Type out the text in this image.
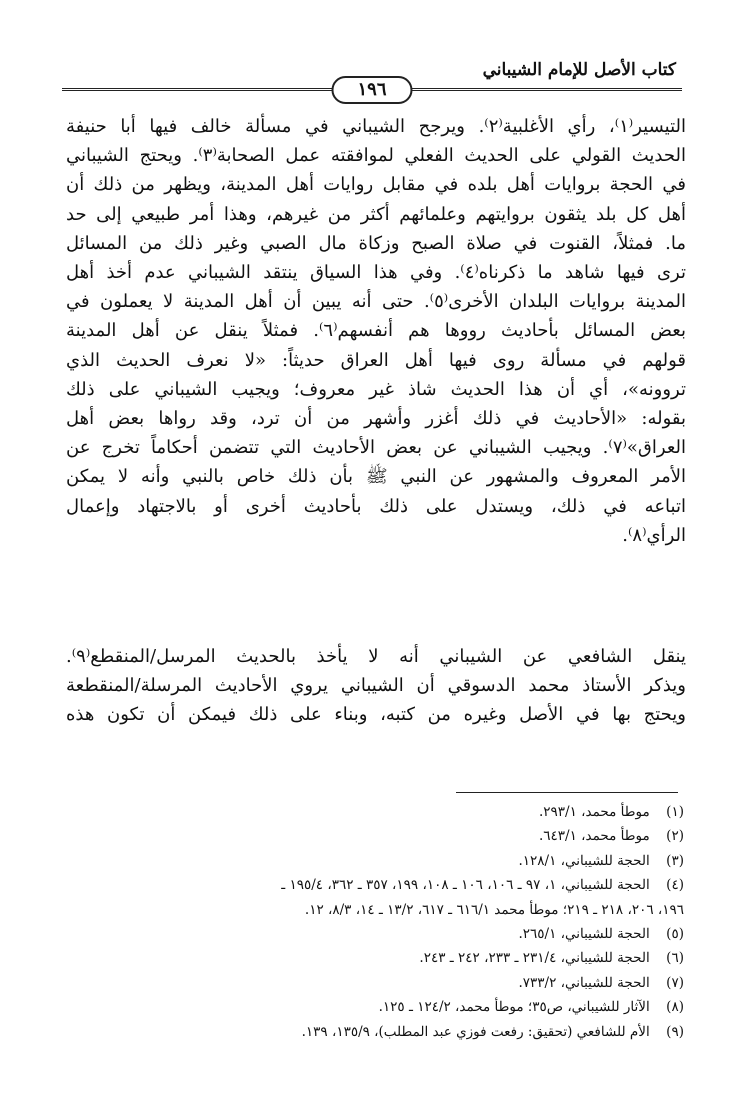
كتاب الأصل للإمام الشيباني
١٩٦

التيسير⁽١⁾، رأي الأغلبية⁽٢⁾. ويرجح الشيباني في مسألة خالف فيها أبا حنيفة

الحديث القولي على الحديث الفعلي لموافقته عمل الصحابة⁽٣⁾. ويحتج الشيباني

في الحجة بروايات أهل بلده في مقابل روايات أهل المدينة، ويظهر من ذلك أن

أهل كل بلد يثقون بروايتهم وعلمائهم أكثر من غيرهم، وهذا أمر طبيعي إلى حد

ما. فمثلاً، القنوت في صلاة الصبح وزكاة مال الصبي وغير ذلك من المسائل

ترى فيها شاهد ما ذكرناه⁽٤⁾. وفي هذا السياق ينتقد الشيباني عدم أخذ أهل

المدينة بروايات البلدان الأخرى⁽٥⁾. حتى أنه يبين أن أهل المدينة لا يعملون في

بعض المسائل بأحاديث رووها هم أنفسهم⁽٦⁾. فمثلاً ينقل عن أهل المدينة

قولهم في مسألة روى فيها أهل العراق حديثاً: «لا نعرف الحديث الذي

تروونه»، أي أن هذا الحديث شاذ غير معروف؛ ويجيب الشيباني على ذلك

بقوله: «الأحاديث في ذلك أغزر وأشهر من أن ترد، وقد رواها بعض أهل

العراق»⁽٧⁾. ويجيب الشيباني عن بعض الأحاديث التي تتضمن أحكاماً تخرج عن

الأمر المعروف والمشهور عن النبي ﷺ بأن ذلك خاص بالنبي وأنه لا يمكن

اتباعه في ذلك، ويستدل على ذلك بأحاديث أخرى أو بالاجتهاد وإعمال

الرأي⁽٨⁾.

ينقل الشافعي عن الشيباني أنه لا يأخذ بالحديث المرسل/المنقطع⁽٩⁾.

ويذكر الأستاذ محمد الدسوقي أن الشيباني يروي الأحاديث المرسلة/المنقطعة

ويحتج بها في الأصل وغيره من كتبه، وبناء على ذلك فيمكن أن تكون هذه

(١) موطأ محمد، ٢٩٣/١.
(٢) موطأ محمد، ٦٤٣/١.
(٣) الحجة للشيباني، ١٢٨/١.
(٤) الحجة للشيباني، ١، ٩٧ ـ ١٠٦، ١٠٦ ـ ١٠٨، ١٩٩، ٣٥٧ ـ ٣٦٢، ١٩٥/٤ ـ
١٩٦، ٢٠٦، ٢١٨ ـ ٢١٩؛ موطأ محمد ٦١٦/١ ـ ٦١٧، ١٣/٢ ـ ١٤، ٨/٣، ١٢.
(٥) الحجة للشيباني، ٢٦٥/١.
(٦) الحجة للشيباني، ٢٣١/٤ ـ ٢٣٣، ٢٤٢ ـ ٢٤٣.
(٧) الحجة للشيباني، ٧٣٣/٢.
(٨) الآثار للشيباني، ص٣٥؛ موطأ محمد، ١٢٤/٢ ـ ١٢٥.
(٩) الأم للشافعي (تحقيق: رفعت فوزي عبد المطلب)، ١٣٥/٩، ١٣٩.
